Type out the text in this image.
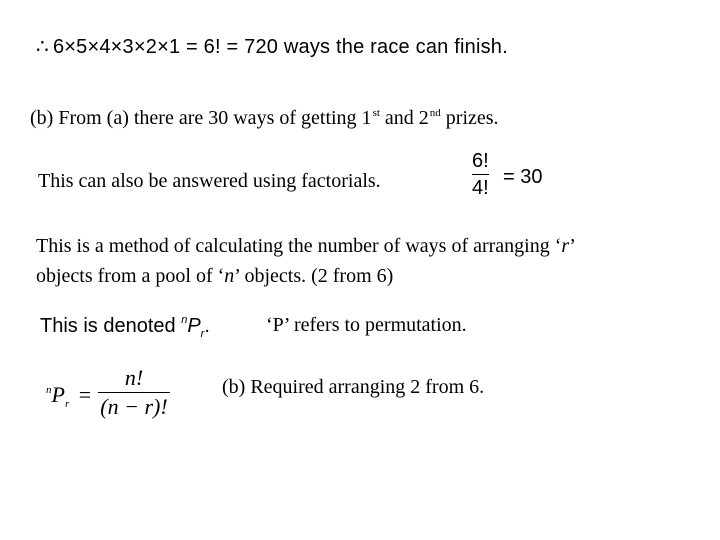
∴ 6×5×4×3×2×1 = 6! = 720 ways the race can finish.
(b) From (a) there are 30 ways of getting 1st and 2nd prizes.
This can also be answered using factorials.
6!
4! = 30
This is a method of calculating the number of ways of arranging ‘r’
objects from a pool of ‘n’ objects. (2 from 6)
This is denoted $^nP_r$.	‘P’ refers to permutation.
$^nP_r$ =
n!
(n − r)!
(b) Required arranging 2 from 6.
